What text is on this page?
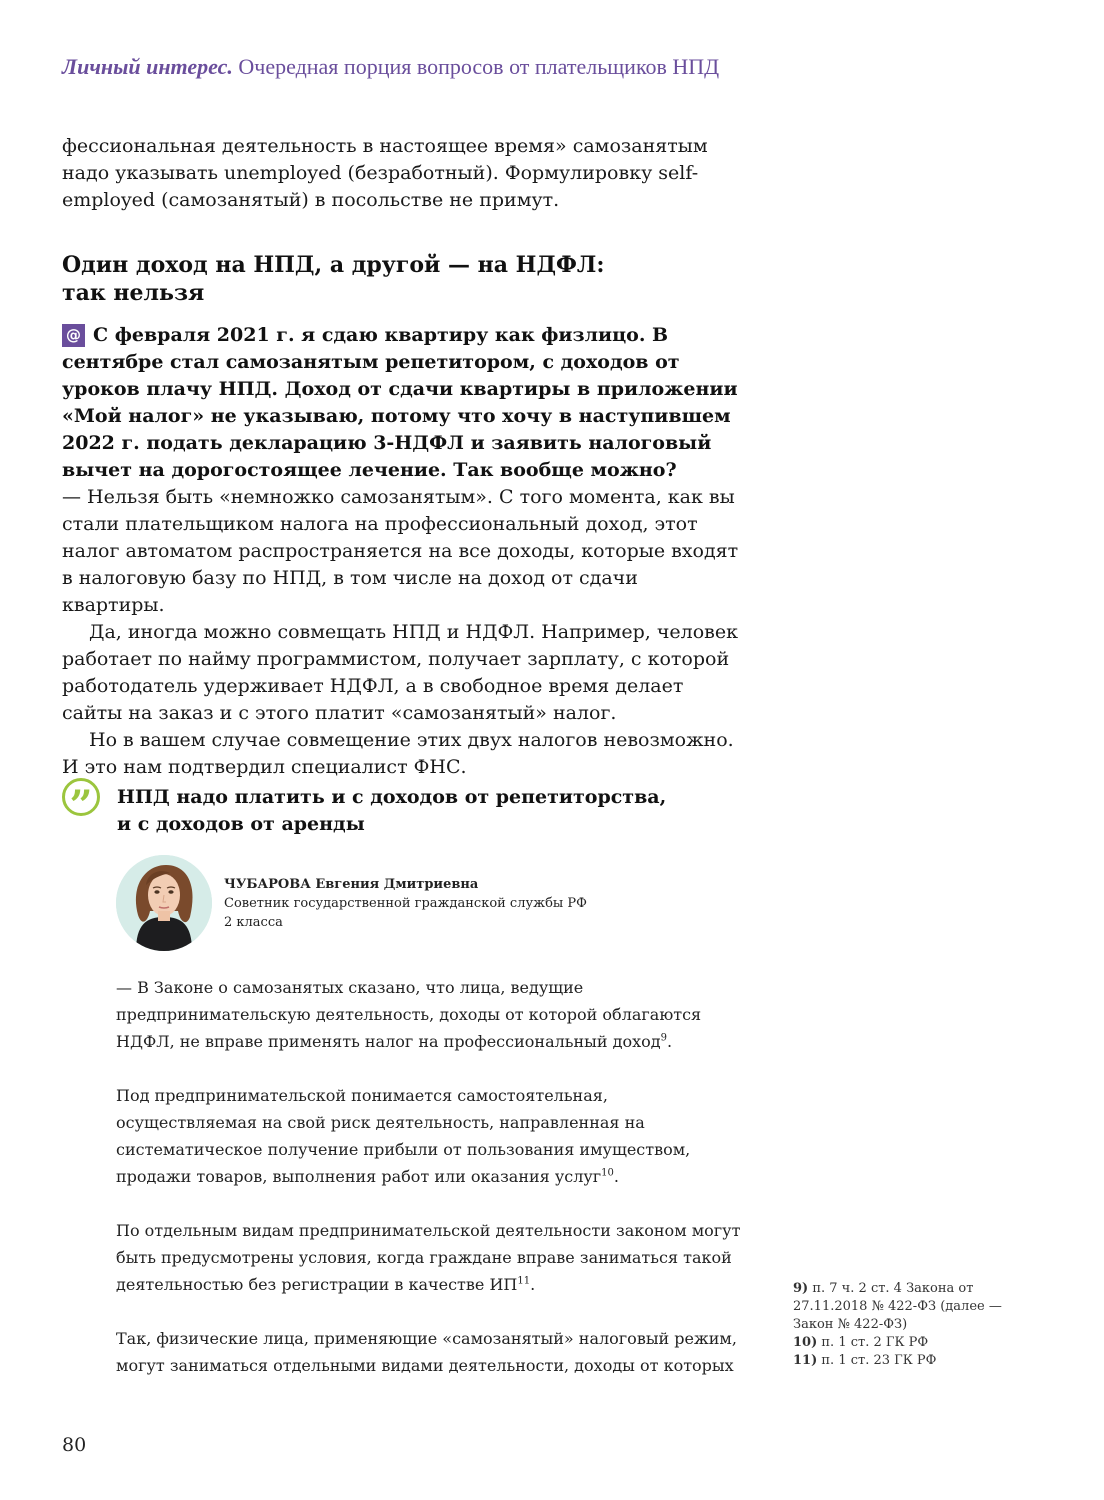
Личный интерес. Очередная порция вопросов от плательщиков НПД

фессиональная деятельность в настоящее время» самозанятым надо указывать unemployed (безработный). Формулировку self-employed (самозанятый) в посольстве не примут.

Один доход на НПД, а другой — на НДФЛ:
так нельзя

@ С февраля 2021 г. я сдаю квартиру как физлицо. В сентябре стал самозанятым репетитором, с доходов от уроков плачу НПД. Доход от сдачи квартиры в приложении «Мой налог» не указываю, потому что хочу в наступившем 2022 г. подать декларацию 3-НДФЛ и заявить налоговый вычет на дорогостоящее лечение. Так вообще можно?

— Нельзя быть «немножко самозанятым». С того момента, как вы стали плательщиком налога на профессиональный доход, этот налог автоматом распространяется на все доходы, которые входят в налоговую базу по НПД, в том числе на доход от сдачи квартиры.

Да, иногда можно совмещать НПД и НДФЛ. Например, человек работает по найму программистом, получает зарплату, с которой работодатель удерживает НДФЛ, а в свободное время делает сайты на заказ и с этого платит «самозанятый» налог.

Но в вашем случае совмещение этих двух налогов невозможно. И это нам подтвердил специалист ФНС.

”	НПД надо платить и с доходов от репетиторства,
и с доходов от аренды

ЧУБАРОВА Евгения Дмитриевна
Советник государственной гражданской службы РФ
2 класса

— В Законе о самозанятых сказано, что лица, ведущие предпринимательскую деятельность, доходы от которой облагаются НДФЛ, не вправе применять налог на профессиональный доход$^9$.

Под предпринимательской понимается самостоятельная, осуществляемая на свой риск деятельность, направленная на систематическое получение прибыли от пользования имуществом, продажи товаров, выполнения работ или оказания услуг$^{10}$.

По отдельным видам предпринимательской деятельности законом могут быть предусмотрены условия, когда граждане вправе заниматься такой деятельностью без регистрации в качестве ИП$^{11}$.

Так, физические лица, применяющие «самозанятый» налоговый режим, могут заниматься отдельными видами деятельности, доходы от которых

9) п. 7 ч. 2 ст. 4 Закона от 27.11.2018 № 422-ФЗ (далее — Закон № 422-ФЗ)

10) п. 1 ст. 2 ГК РФ

11) п. 1 ст. 23 ГК РФ

80
